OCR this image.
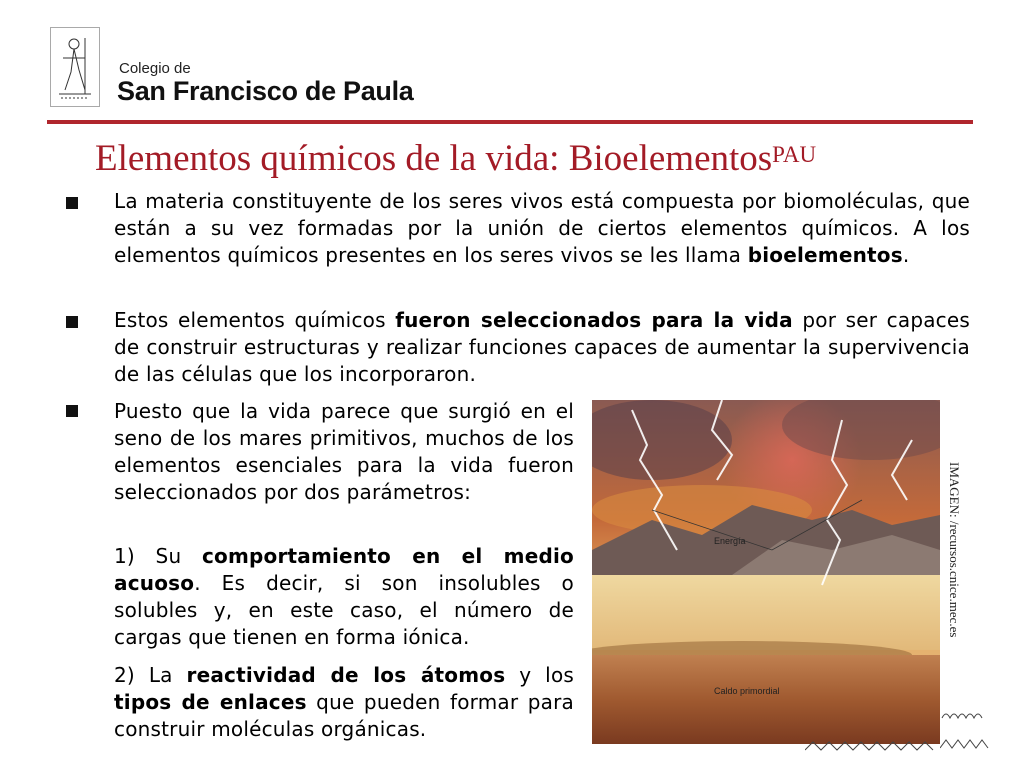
Colegio de
San Francisco de Paula
Elementos químicos de la vida: Bioelementos$^{PAU}$
La materia constituyente de los seres vivos está compuesta por biomoléculas, que están a su vez formadas por la unión de ciertos elementos químicos. A los elementos químicos presentes en los seres vivos se les llama bioelementos.
Estos elementos químicos fueron seleccionados para la vida por ser capaces de construir estructuras y realizar funciones capaces de aumentar la supervivencia de las células que los incorporaron.
Puesto que la vida parece que surgió en el seno de los mares primitivos, muchos de los elementos esenciales para la vida fueron seleccionados por dos parámetros:
1) Su comportamiento en el medio acuoso. Es decir, si son insolubles o solubles y, en este caso, el número de cargas que tienen en forma iónica.
2) La reactividad de los átomos y los tipos de enlaces que pueden formar para construir moléculas orgánicas.
Energía
Caldo primordial
IMAGEN: /recursos.cnice.mec.es
